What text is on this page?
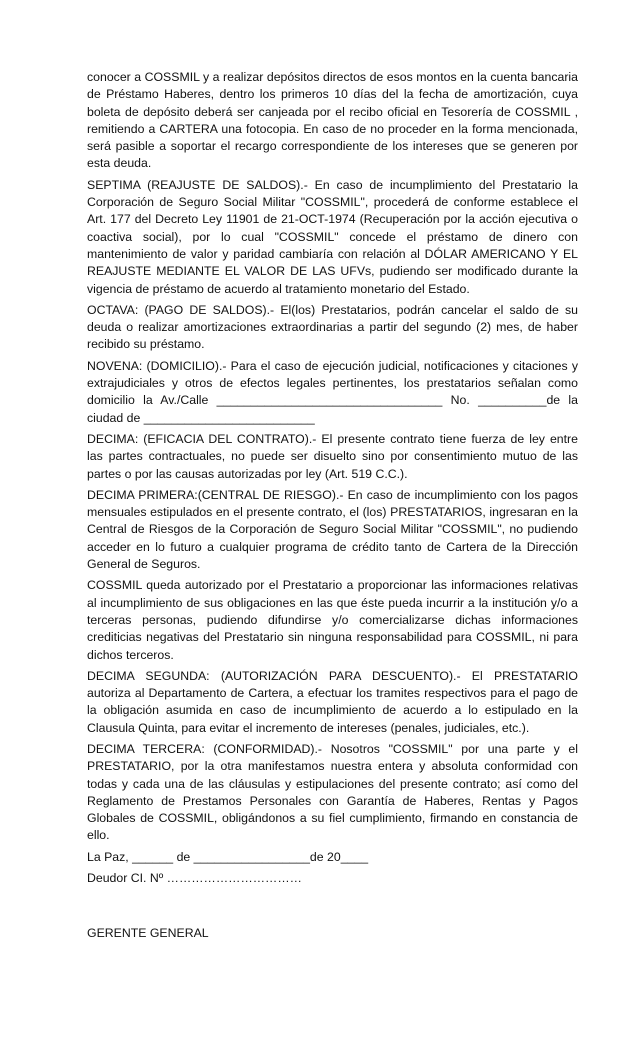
conocer a COSSMIL y a realizar depósitos directos de esos montos en la cuenta bancaria de Préstamo Haberes, dentro los primeros 10 días del la fecha de amortización, cuya boleta de depósito deberá ser canjeada por el recibo oficial en Tesorería de COSSMIL , remitiendo a CARTERA una fotocopia. En caso de no proceder en la forma mencionada, será pasible a soportar el recargo correspondiente de los intereses que se generen por esta deuda.

SEPTIMA (REAJUSTE DE SALDOS).- En caso de incumplimiento del Prestatario la Corporación de Seguro Social Militar "COSSMIL", procederá de conforme establece el Art. 177 del Decreto Ley 11901 de 21-OCT-1974 (Recuperación por la acción ejecutiva o coactiva social), por lo cual "COSSMIL" concede el préstamo de dinero con mantenimiento de valor y paridad cambiaría con relación al DÓLAR AMERICANO Y EL REAJUSTE MEDIANTE EL VALOR DE LAS UFVs, pudiendo ser modificado durante la vigencia de préstamo de acuerdo al tratamiento monetario del Estado.

OCTAVA: (PAGO DE SALDOS).- El(los) Prestatarios, podrán cancelar el saldo de su deuda o realizar amortizaciones extraordinarias a partir del segundo (2) mes, de haber recibido su préstamo.

NOVENA: (DOMICILIO).- Para el caso de ejecución judicial, notificaciones y citaciones y extrajudiciales y otros de efectos legales pertinentes, los prestatarios señalan como domicilio la Av./Calle _________________________________ No. __________de la ciudad de _________________________

DECIMA: (EFICACIA DEL CONTRATO).- El presente contrato tiene fuerza de ley entre las partes contractuales, no puede ser disuelto sino por consentimiento mutuo de las partes o por las causas autorizadas por ley (Art. 519 C.C.).

DECIMA PRIMERA:(CENTRAL DE RIESGO).- En caso de incumplimiento con los pagos mensuales estipulados en el presente contrato, el (los) PRESTATARIOS, ingresaran en la Central de Riesgos de la Corporación de Seguro Social Militar "COSSMIL", no pudiendo acceder en lo futuro a cualquier programa de crédito tanto de Cartera de la Dirección General de Seguros.

COSSMIL queda autorizado por el Prestatario a proporcionar las informaciones relativas al incumplimiento de sus obligaciones en las que éste pueda incurrir a la institución y/o a terceras personas, pudiendo difundirse y/o comercializarse dichas informaciones crediticias negativas del Prestatario sin ninguna responsabilidad para COSSMIL, ni para dichos terceros.

DECIMA SEGUNDA: (AUTORIZACIÓN PARA DESCUENTO).- El PRESTATARIO autoriza al Departamento de Cartera, a efectuar los tramites respectivos para el pago de la obligación asumida en caso de incumplimiento de acuerdo a lo estipulado en la Clausula Quinta, para evitar el incremento de intereses (penales, judiciales, etc.).

DECIMA TERCERA: (CONFORMIDAD).- Nosotros "COSSMIL" por una parte y el PRESTATARIO, por la otra manifestamos nuestra entera y absoluta conformidad con todas y cada una de las cláusulas y estipulaciones del presente contrato; así como del Reglamento de Prestamos Personales con Garantía de Haberes, Rentas y Pagos Globales de COSSMIL, obligándonos a su fiel cumplimiento, firmando en constancia de ello.

La Paz, ______ de _________________de 20____

Deudor CI. Nº ……………………………

GERENTE GENERAL
